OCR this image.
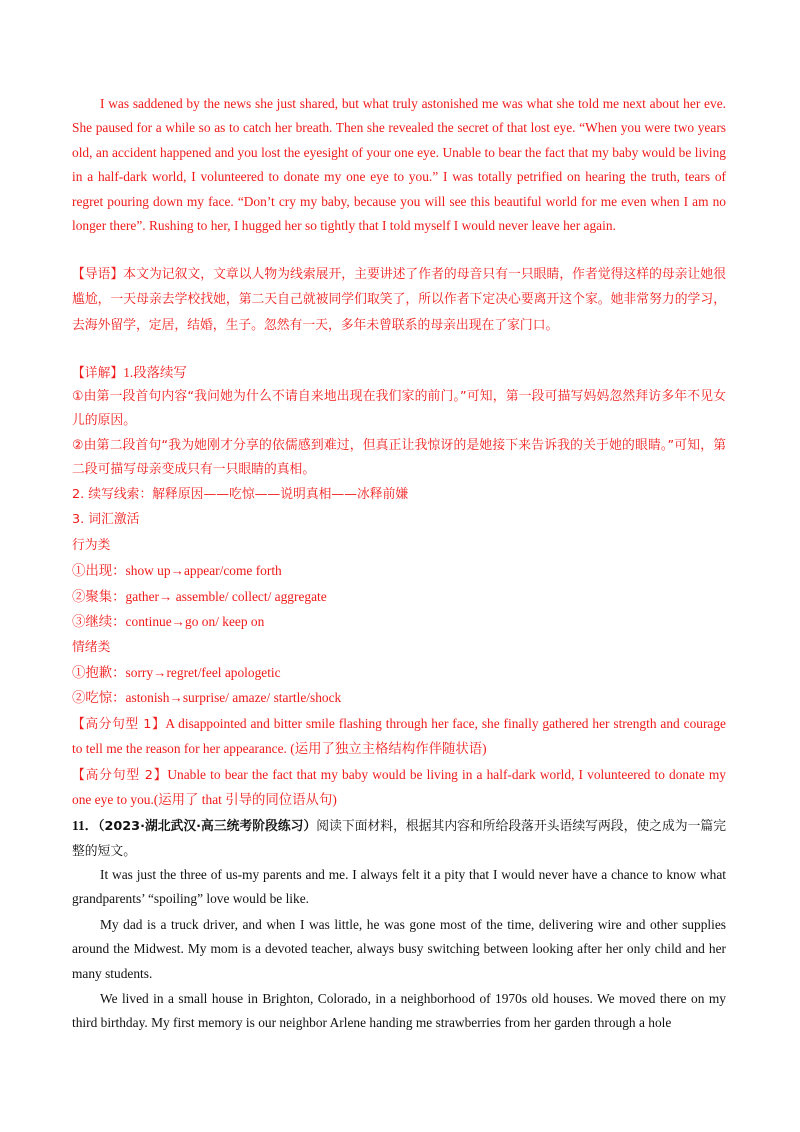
I was saddened by the news she just shared, but what truly astonished me was what she told me next about her eve. She paused for a while so as to catch her breath. Then she revealed the secret of that lost eye. “When you were two years old, an accident happened and you lost the eyesight of your one eye. Unable to bear the fact that my baby would be living in a half-dark world, I volunteered to donate my one eye to you.” I was totally petrified on hearing the truth, tears of regret pouring down my face. “Don’t cry my baby, because you will see this beautiful world for me even when I am no longer there”. Rushing to her, I hugged her so tightly that I told myself I would never leave her again.

【导语】本文为记叙文，文章以人物为线索展开，主要讲述了作者的母音只有一只眼睛，作者觉得这样的母亲让她很尴尬，一天母亲去学校找她，第二天自己就被同学们取笑了，所以作者下定决心要离开这个家。她非常努力的学习，去海外留学，定居，结婚，生子。忽然有一天，多年未曾联系的母亲出现在了家门口。

【详解】1.段落续写

①由第一段首句内容“我问她为什么不请自来地出现在我们家的前门。”可知，第一段可描写妈妈忽然拜访多年不见女儿的原因。

②由第二段首句“我为她刚才分享的依儒感到难过，但真正让我惊讶的是她接下来告诉我的关于她的眼睛。”可知，第二段可描写母亲变成只有一只眼睛的真相。

2. 续写线索：解释原因——吃惊——说明真相——冰释前嫌
3. 词汇激活
行为类
①出现：show up→appear/come forth
②聚集：gather→ assemble/ collect/ aggregate
③继续：continue→go on/ keep on
情绪类
①抱歉：sorry→regret/feel apologetic
②吃惊：astonish→surprise/ amaze/ startle/shock

【高分句型 1】A disappointed and bitter smile flashing through her face, she finally gathered her strength and courage to tell me the reason for her appearance. (运用了独立主格结构作伴随状语)

【高分句型 2】Unable to bear the fact that my baby would be living in a half-dark world, I volunteered to donate my one eye to you.(运用了 that 引导的同位语从句)

11．（2023·湖北武汉·高三统考阶段练习）阅读下面材料，根据其内容和所给段落开头语续写两段，使之成为一篇完整的短文。

It was just the three of us-my parents and me. I always felt it a pity that I would never have a chance to know what grandparents’ “spoiling” love would be like.

My dad is a truck driver, and when I was little, he was gone most of the time, delivering wire and other supplies around the Midwest. My mom is a devoted teacher, always busy switching between looking after her only child and her many students.

We lived in a small house in Brighton, Colorado, in a neighborhood of 1970s old houses. We moved there on my third birthday. My first memory is our neighbor Arlene handing me strawberries from her garden through a hole
